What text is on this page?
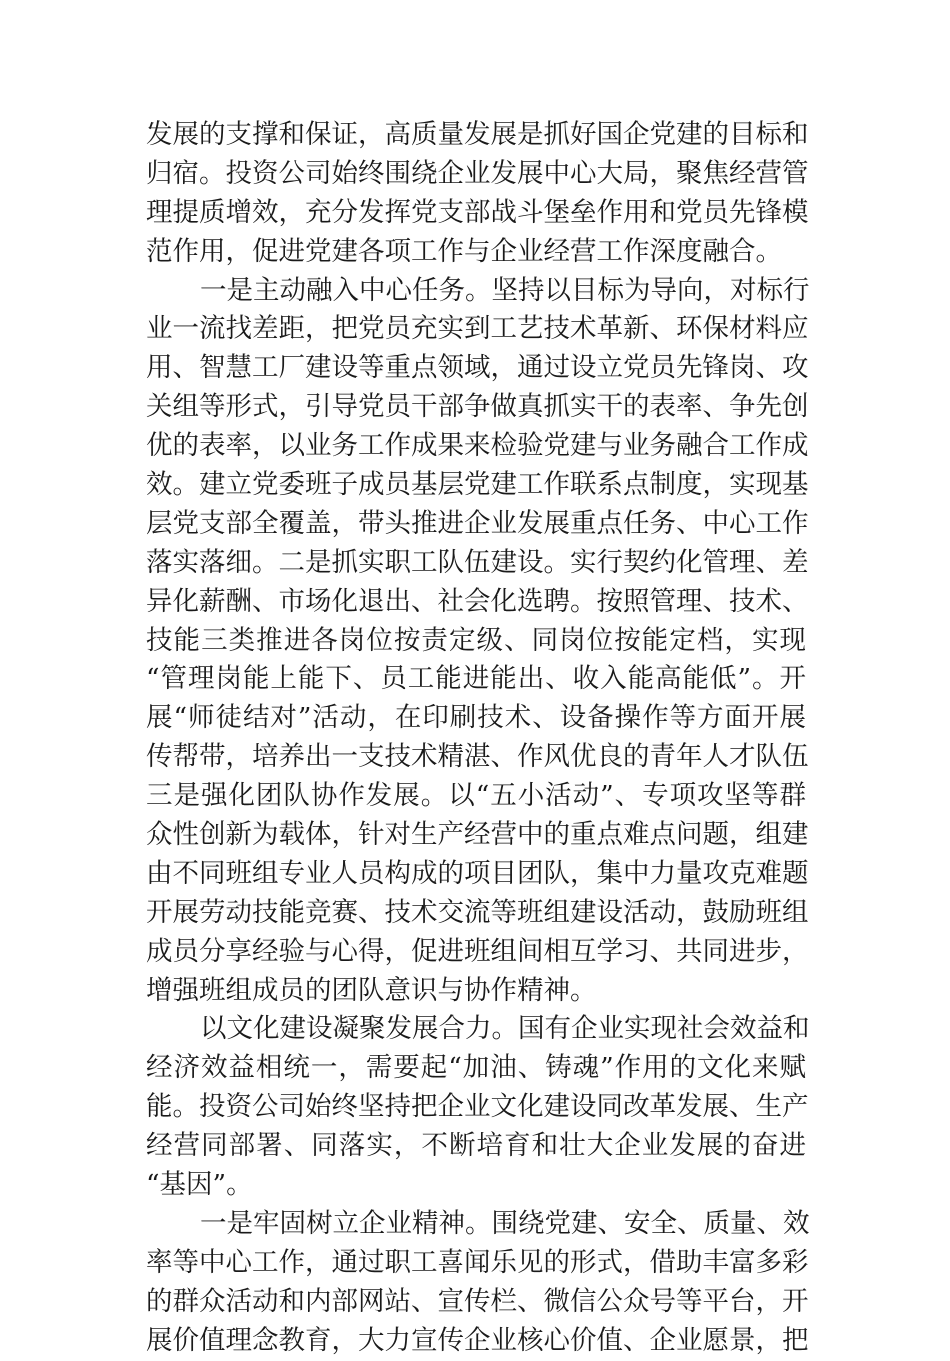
发展的支撑和保证，高质量发展是抓好国企党建的目标和
归宿。投资公司始终围绕企业发展中心大局，聚焦经营管
理提质增效，充分发挥党支部战斗堡垒作用和党员先锋模
范作用，促进党建各项工作与企业经营工作深度融合。
一是主动融入中心任务。坚持以目标为导向，对标行
业一流找差距，把党员充实到工艺技术革新、环保材料应
用、智慧工厂建设等重点领域，通过设立党员先锋岗、攻
关组等形式，引导党员干部争做真抓实干的表率、争先创
优的表率，以业务工作成果来检验党建与业务融合工作成
效。建立党委班子成员基层党建工作联系点制度，实现基
层党支部全覆盖，带头推进企业发展重点任务、中心工作
落实落细。二是抓实职工队伍建设。实行契约化管理、差
异化薪酬、市场化退出、社会化选聘。按照管理、技术、
技能三类推进各岗位按责定级、同岗位按能定档，实现
“管理岗能上能下、员工能进能出、收入能高能低”。开
展“师徒结对”活动，在印刷技术、设备操作等方面开展
传帮带，培养出一支技术精湛、作风优良的青年人才队伍
三是强化团队协作发展。以“五小活动”、专项攻坚等群
众性创新为载体，针对生产经营中的重点难点问题，组建
由不同班组专业人员构成的项目团队，集中力量攻克难题
开展劳动技能竞赛、技术交流等班组建设活动，鼓励班组
成员分享经验与心得，促进班组间相互学习、共同进步，
增强班组成员的团队意识与协作精神。
以文化建设凝聚发展合力。国有企业实现社会效益和
经济效益相统一，需要起“加油、铸魂”作用的文化来赋
能。投资公司始终坚持把企业文化建设同改革发展、生产
经营同部署、同落实，不断培育和壮大企业发展的奋进
“基因”。
一是牢固树立企业精神。围绕党建、安全、质量、效
率等中心工作，通过职工喜闻乐见的形式，借助丰富多彩
的群众活动和内部网站、宣传栏、微信公众号等平台，开
展价值理念教育，大力宣传企业核心价值、企业愿景，把
